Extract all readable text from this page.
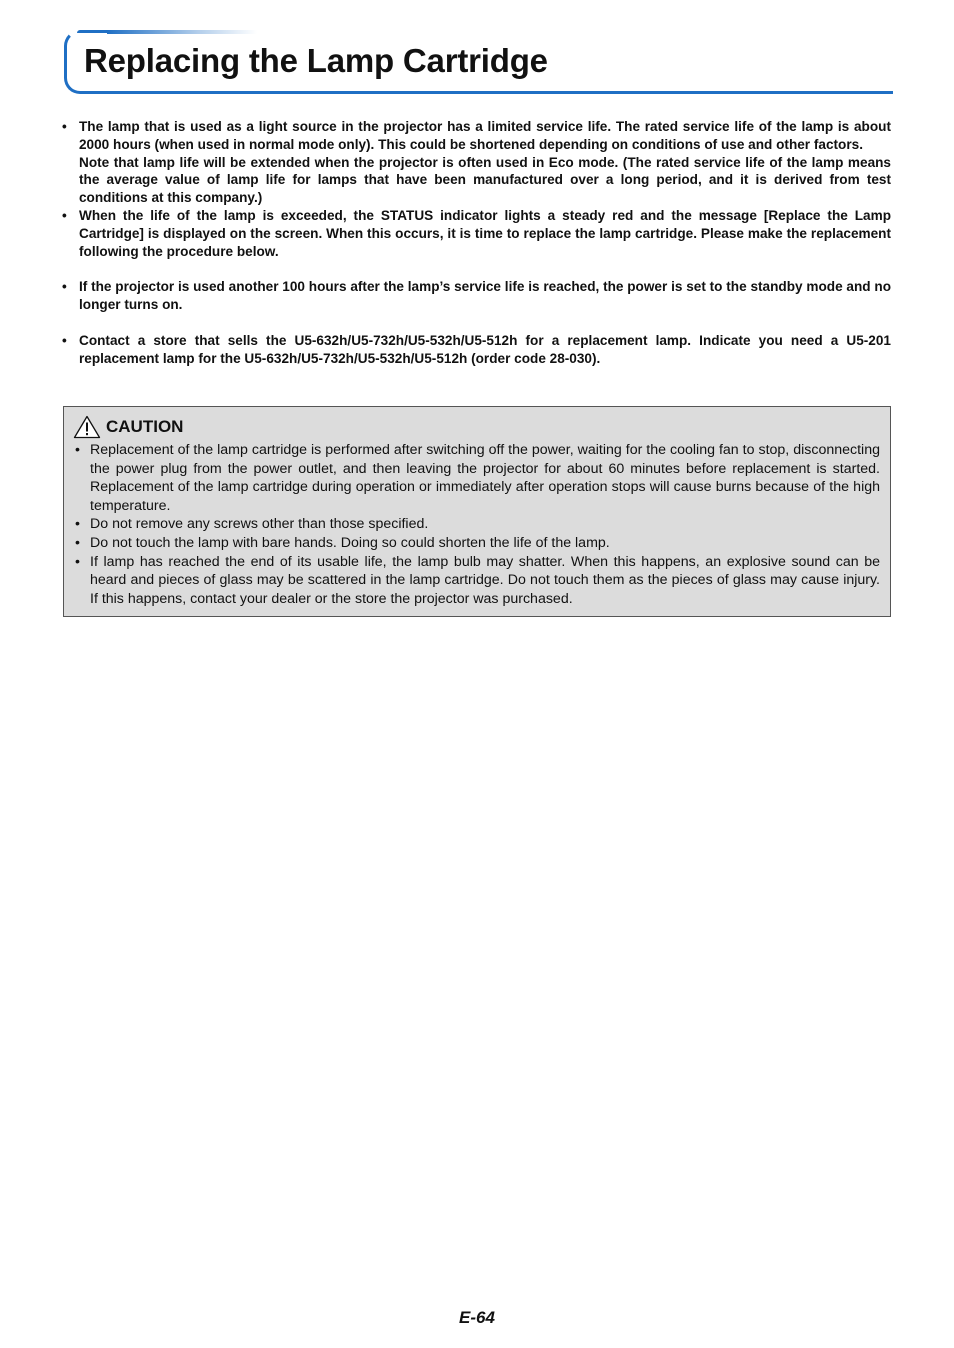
Replacing the Lamp Cartridge

• The lamp that is used as a light source in the projector has a limited service life. The rated service life of the lamp is about 2000 hours (when used in normal mode only). This could be shortened depending on conditions of use and other factors.

Note that lamp life will be extended when the projector is often used in Eco mode. (The rated service life of the lamp means the average value of lamp life for lamps that have been manufactured over a long period, and it is derived from test conditions at this company.)

• When the life of the lamp is exceeded, the STATUS indicator lights a steady red and the message [Replace the Lamp Cartridge] is displayed on the screen. When this occurs, it is time to replace the lamp cartridge. Please make the replacement following the procedure below.

• If the projector is used another 100 hours after the lamp’s service life is reached, the power is set to the standby mode and no longer turns on.

• Contact a store that sells the U5-632h/U5-732h/U5-532h/U5-512h for a replacement lamp. Indicate you need a U5-201 replacement lamp for the U5-632h/U5-732h/U5-532h/U5-512h (order code 28-030).

CAUTION
• Replacement of the lamp cartridge is performed after switching off the power, waiting for the cooling fan to stop, disconnecting the power plug from the power outlet, and then leaving the projector for about 60 minutes before replacement is started. Replacement of the lamp cartridge during operation or immediately after operation stops will cause burns because of the high temperature.
• Do not remove any screws other than those specified.
• Do not touch the lamp with bare hands. Doing so could shorten the life of the lamp.
• If lamp has reached the end of its usable life, the lamp bulb may shatter. When this happens, an explosive sound can be heard and pieces of glass may be scattered in the lamp cartridge. Do not touch them as the pieces of glass may cause injury. If this happens, contact your dealer or the store the projector was purchased.
E-64
